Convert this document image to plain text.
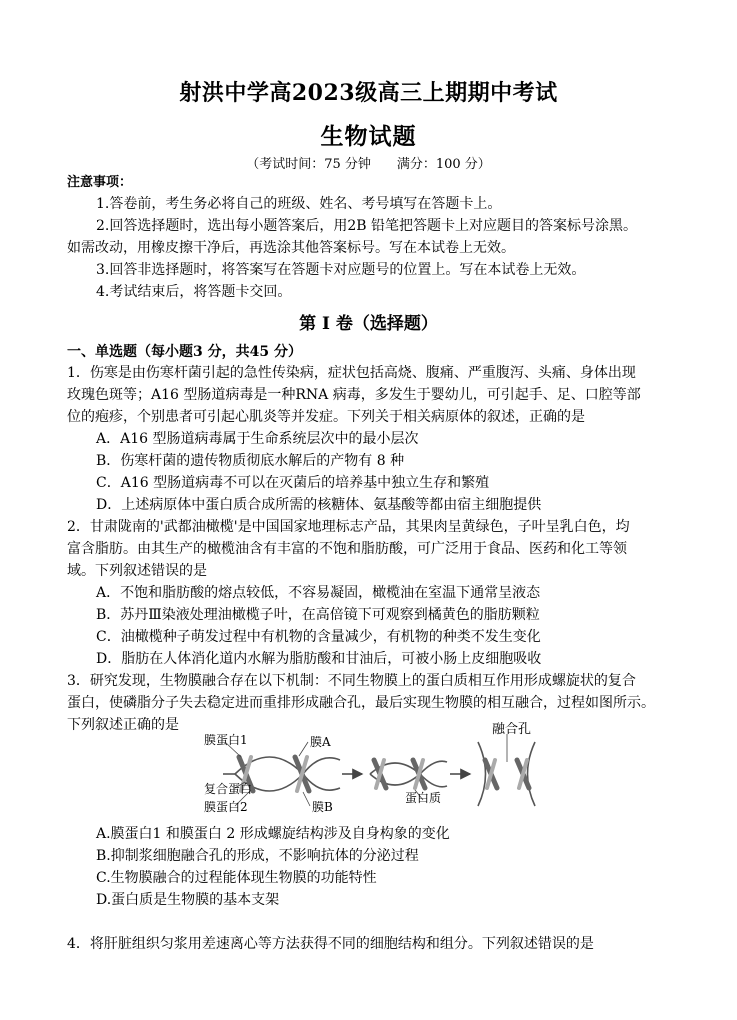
射洪中学高2023级高三上期期中考试
生物试题
（考试时间：75 分钟　　满分：100 分）
注意事项：
1.答卷前，考生务必将自己的班级、姓名、考号填写在答题卡上。
2.回答选择题时，选出每小题答案后，用2B 铅笔把答题卡上对应题目的答案标号涂黑。
如需改动，用橡皮擦干净后，再选涂其他答案标号。写在本试卷上无效。
3.回答非选择题时，将答案写在答题卡对应题号的位置上。写在本试卷上无效。
4.考试结束后，将答题卡交回。
第 I 卷（选择题）
一、单选题（每小题3 分，共45 分）
1．伤寒是由伤寒杆菌引起的急性传染病，症状包括高烧、腹痛、严重腹泻、头痛、身体出现
玫瑰色斑等；A16 型肠道病毒是一种RNA 病毒，多发生于婴幼儿，可引起手、足、口腔等部
位的疱疹，个别患者可引起心肌炎等并发症。下列关于相关病原体的叙述，正确的是
A．A16 型肠道病毒属于生命系统层次中的最小层次
B．伤寒杆菌的遗传物质彻底水解后的产物有 8 种
C．A16 型肠道病毒不可以在灭菌后的培养基中独立生存和繁殖
D．上述病原体中蛋白质合成所需的核糖体、氨基酸等都由宿主细胞提供
2．甘肃陇南的'武都油橄榄'是中国国家地理标志产品，其果肉呈黄绿色，子叶呈乳白色，均
富含脂肪。由其生产的橄榄油含有丰富的不饱和脂肪酸，可广泛用于食品、医药和化工等领
域。下列叙述错误的是
A．不饱和脂肪酸的熔点较低，不容易凝固，橄榄油在室温下通常呈液态
B．苏丹Ⅲ染液处理油橄榄子叶，在高倍镜下可观察到橘黄色的脂肪颗粒
C．油橄榄种子萌发过程中有机物的含量减少，有机物的种类不发生变化
D．脂肪在人体消化道内水解为脂肪酸和甘油后，可被小肠上皮细胞吸收
3．研究发现，生物膜融合存在以下机制：不同生物膜上的蛋白质相互作用形成螺旋状的复合
蛋白，使磷脂分子失去稳定进而重排形成融合孔，最后实现生物膜的相互融合，过程如图所示。
下列叙述正确的是
膜蛋白1	膜A
复合蛋白
膜蛋白2	膜B
蛋白质
融合孔
A.膜蛋白1 和膜蛋白 2 形成螺旋结构涉及自身构象的变化
B.抑制浆细胞融合孔的形成，不影响抗体的分泌过程
C.生物膜融合的过程能体现生物膜的功能特性
D.蛋白质是生物膜的基本支架
4．将肝脏组织匀浆用差速离心等方法获得不同的细胞结构和组分。下列叙述错误的是
